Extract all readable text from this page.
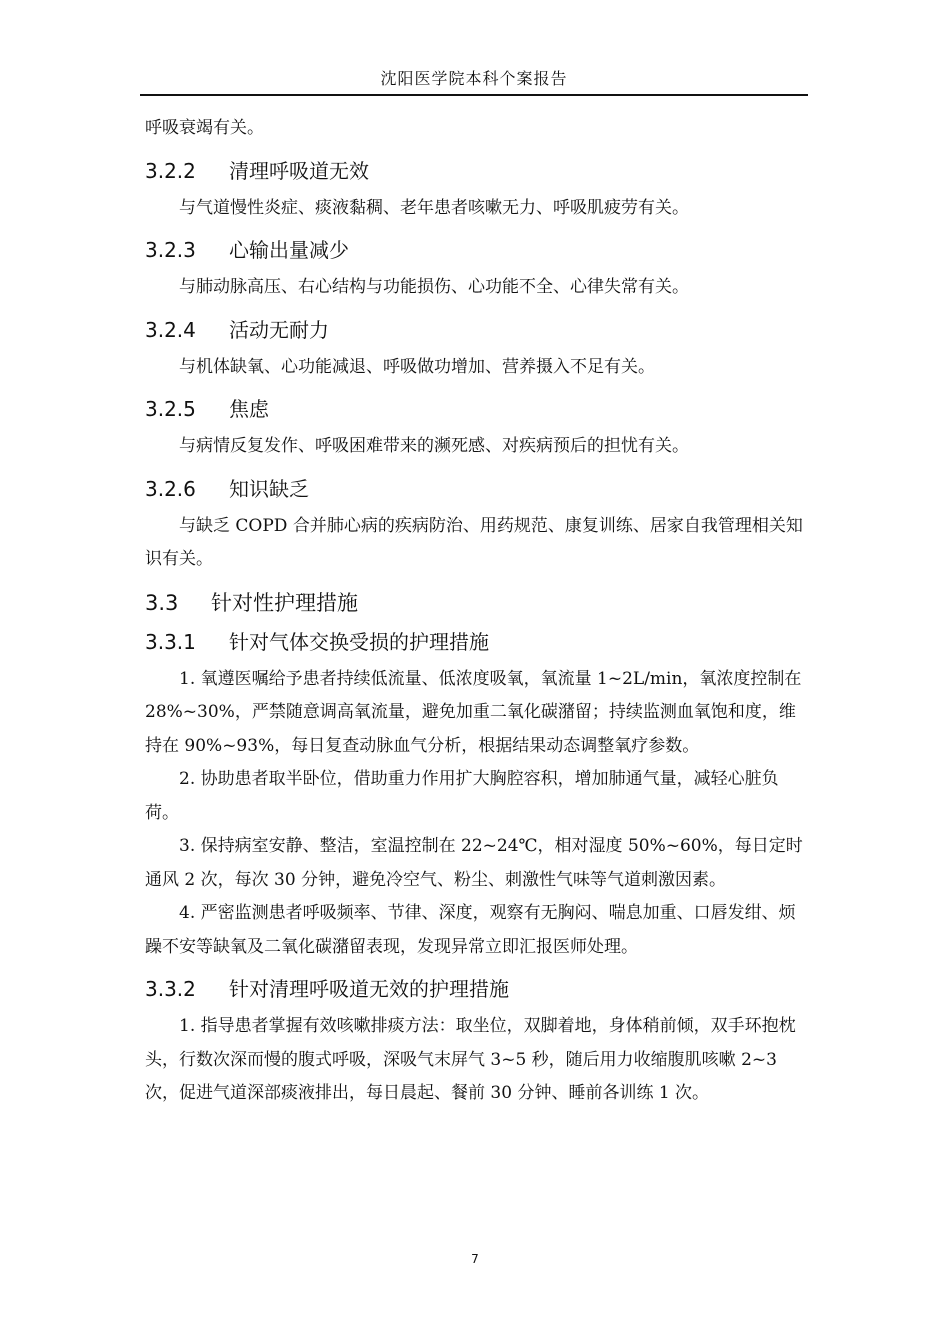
沈阳医学院本科个案报告

呼吸衰竭有关。

3.2.2 清理呼吸道无效

与气道慢性炎症、痰液黏稠、老年患者咳嗽无力、呼吸肌疲劳有关。

3.2.3 心输出量减少

与肺动脉高压、右心结构与功能损伤、心功能不全、心律失常有关。

3.2.4 活动无耐力

与机体缺氧、心功能减退、呼吸做功增加、营养摄入不足有关。

3.2.5 焦虑

与病情反复发作、呼吸困难带来的濒死感、对疾病预后的担忧有关。

3.2.6 知识缺乏

与缺乏 COPD 合并肺心病的疾病防治、用药规范、康复训练、居家自我管理相关知识有关。

3.3 针对性护理措施
3.3.1 针对气体交换受损的护理措施

1. 氧遵医嘱给予患者持续低流量、低浓度吸氧，氧流量 1~2L/min，氧浓度控制在 28%~30%，严禁随意调高氧流量，避免加重二氧化碳潴留；持续监测血氧饱和度，维持在 90%~93%，每日复查动脉血气分析，根据结果动态调整氧疗参数。

2. 协助患者取半卧位，借助重力作用扩大胸腔容积，增加肺通气量，减轻心脏负荷。

3. 保持病室安静、整洁，室温控制在 22~24℃，相对湿度 50%~60%，每日定时通风 2 次，每次 30 分钟，避免冷空气、粉尘、刺激性气味等气道刺激因素。

4. 严密监测患者呼吸频率、节律、深度，观察有无胸闷、喘息加重、口唇发绀、烦躁不安等缺氧及二氧化碳潴留表现，发现异常立即汇报医师处理。

3.3.2 针对清理呼吸道无效的护理措施

1. 指导患者掌握有效咳嗽排痰方法：取坐位，双脚着地，身体稍前倾，双手环抱枕头，行数次深而慢的腹式呼吸，深吸气末屏气 3~5 秒，随后用力收缩腹肌咳嗽 2~3 次，促进气道深部痰液排出，每日晨起、餐前 30 分钟、睡前各训练 1 次。

7
